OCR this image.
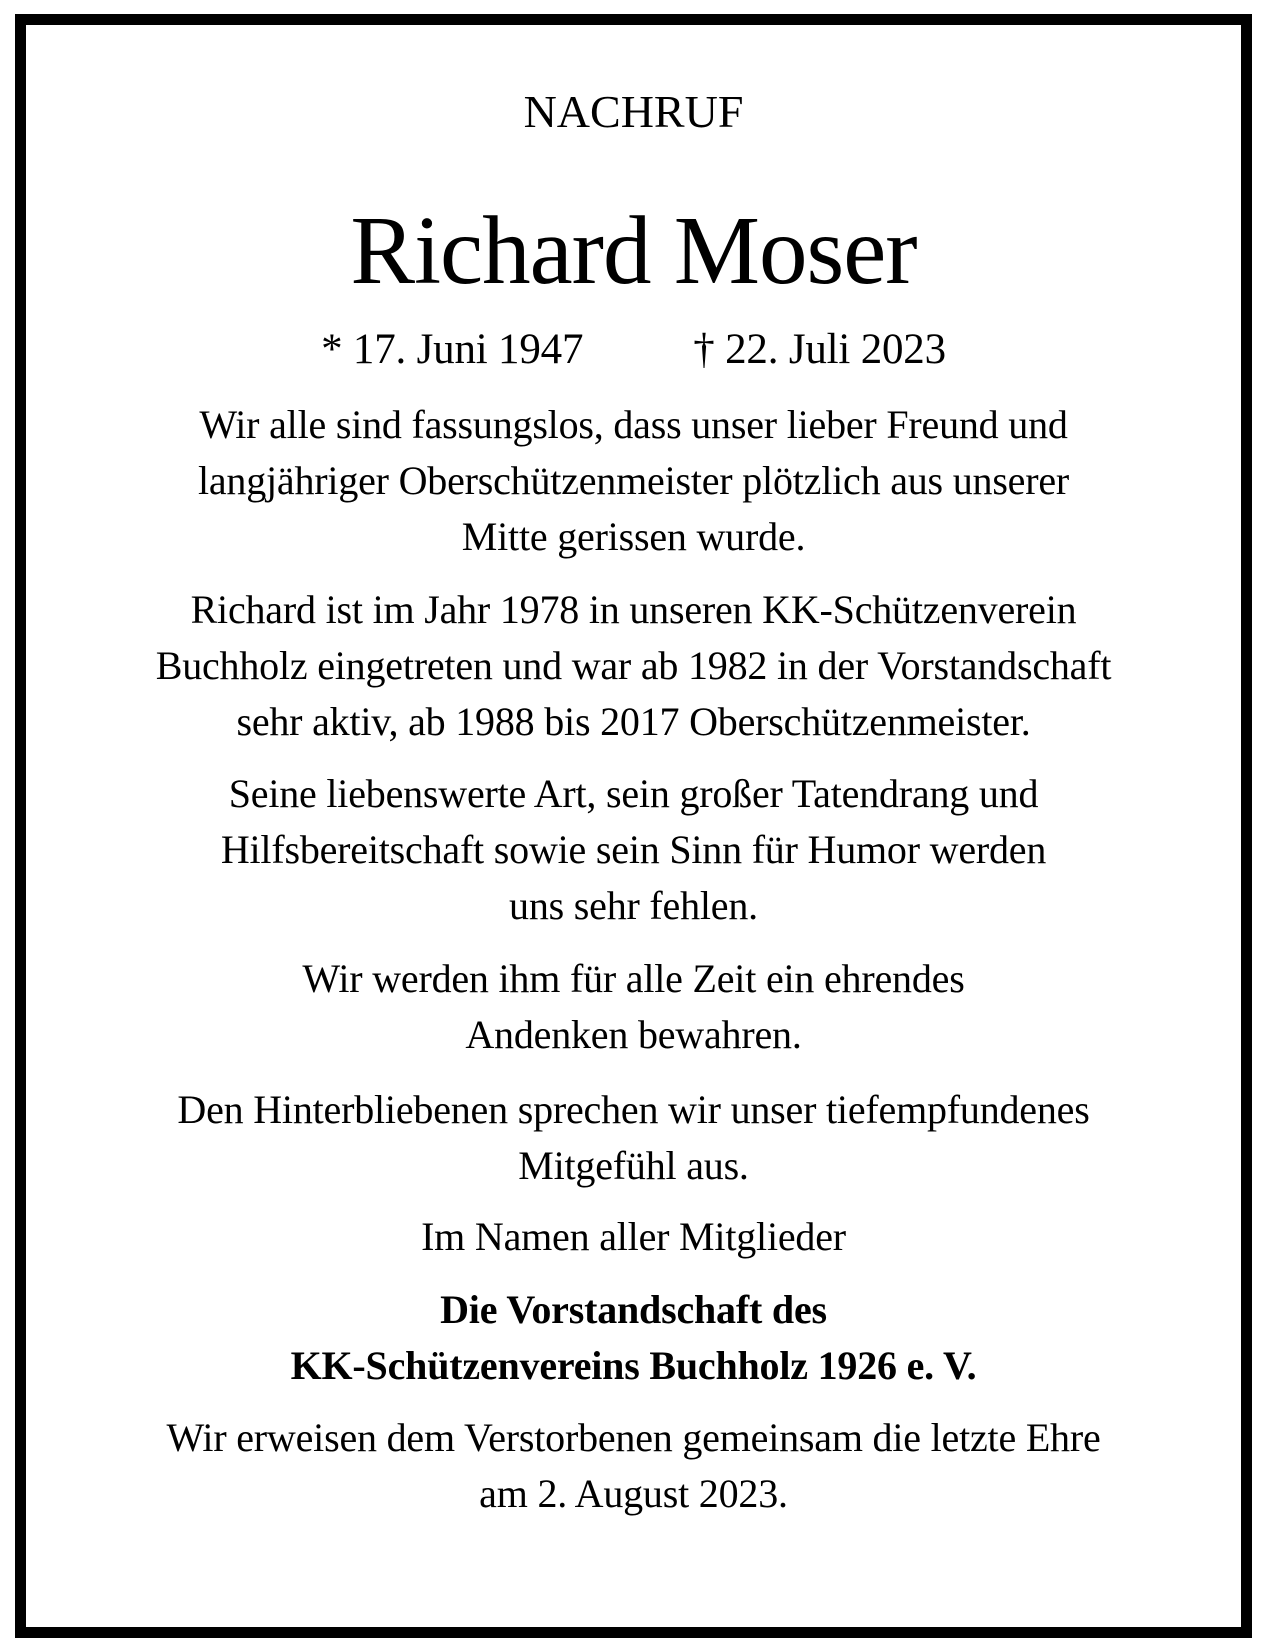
NACHRUF
Richard Moser
* 17. Juni 1947	† 22. Juli 2023
Wir alle sind fassungslos, dass unser lieber Freund und
langjähriger Oberschützenmeister plötzlich aus unserer
Mitte gerissen wurde.
Richard ist im Jahr 1978 in unseren KK-Schützenverein
Buchholz eingetreten und war ab 1982 in der Vorstandschaft
sehr aktiv, ab 1988 bis 2017 Oberschützenmeister.
Seine liebenswerte Art, sein großer Tatendrang und
Hilfsbereitschaft sowie sein Sinn für Humor werden
uns sehr fehlen.
Wir werden ihm für alle Zeit ein ehrendes
Andenken bewahren.
Den Hinterbliebenen sprechen wir unser tiefempfundenes
Mitgefühl aus.
Im Namen aller Mitglieder
Die Vorstandschaft des
KK-Schützenvereins Buchholz 1926 e. V.
Wir erweisen dem Verstorbenen gemeinsam die letzte Ehre
am 2. August 2023.
